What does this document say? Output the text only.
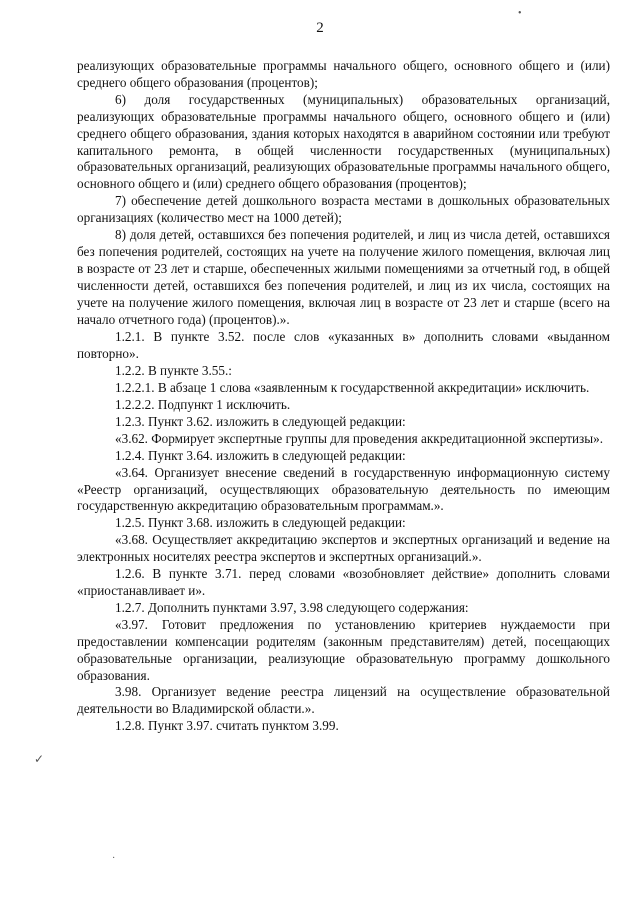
2
•
✓
·

реализующих образовательные программы начального общего, основного общего и (или) среднего общего образования (процентов);

6) доля государственных (муниципальных) образовательных организаций, реализующих образовательные программы начального общего, основного общего и (или) среднего общего образования, здания которых находятся в аварийном состоянии или требуют капитального ремонта, в общей численности государственных (муниципальных) образовательных организаций, реализующих образовательные программы начального общего, основного общего и (или) среднего общего образования (процентов);

7) обеспечение детей дошкольного возраста местами в дошкольных образовательных организациях (количество мест на 1000 детей);

8) доля детей, оставшихся без попечения родителей, и лиц из числа детей, оставшихся без попечения родителей, состоящих на учете на получение жилого помещения, включая лиц в возрасте от 23 лет и старше, обеспеченных жилыми помещениями за отчетный год, в общей численности детей, оставшихся без попечения родителей, и лиц из их числа, состоящих на учете на получение жилого помещения, включая лиц в возрасте от 23 лет и старше (всего на начало отчетного года) (процентов).».

1.2.1. В пункте 3.52. после слов «указанных в» дополнить словами «выданном повторно».

1.2.2. В пункте 3.55.:

1.2.2.1. В абзаце 1 слова «заявленным к государственной аккредитации» исключить.

1.2.2.2. Подпункт 1 исключить.

1.2.3. Пункт 3.62. изложить в следующей редакции:

«3.62. Формирует экспертные группы для проведения аккредитационной экспертизы».

1.2.4. Пункт 3.64. изложить в следующей редакции:

«3.64. Организует внесение сведений в государственную информационную систему «Реестр организаций, осуществляющих образовательную деятельность по имеющим государственную аккредитацию образовательным программам.».

1.2.5. Пункт 3.68. изложить в следующей редакции:

«3.68. Осуществляет аккредитацию экспертов и экспертных организаций и ведение на электронных носителях реестра экспертов и экспертных организаций.».

1.2.6. В пункте 3.71. перед словами «возобновляет действие» дополнить словами «приостанавливает и».

1.2.7. Дополнить пунктами 3.97, 3.98 следующего содержания:

«3.97. Готовит предложения по установлению критериев нуждаемости при предоставлении компенсации родителям (законным представителям) детей, посещающих образовательные организации, реализующие образовательную программу дошкольного образования.

3.98. Организует ведение реестра лицензий на осуществление образовательной деятельности во Владимирской области.».

1.2.8. Пункт 3.97. считать пунктом 3.99.
